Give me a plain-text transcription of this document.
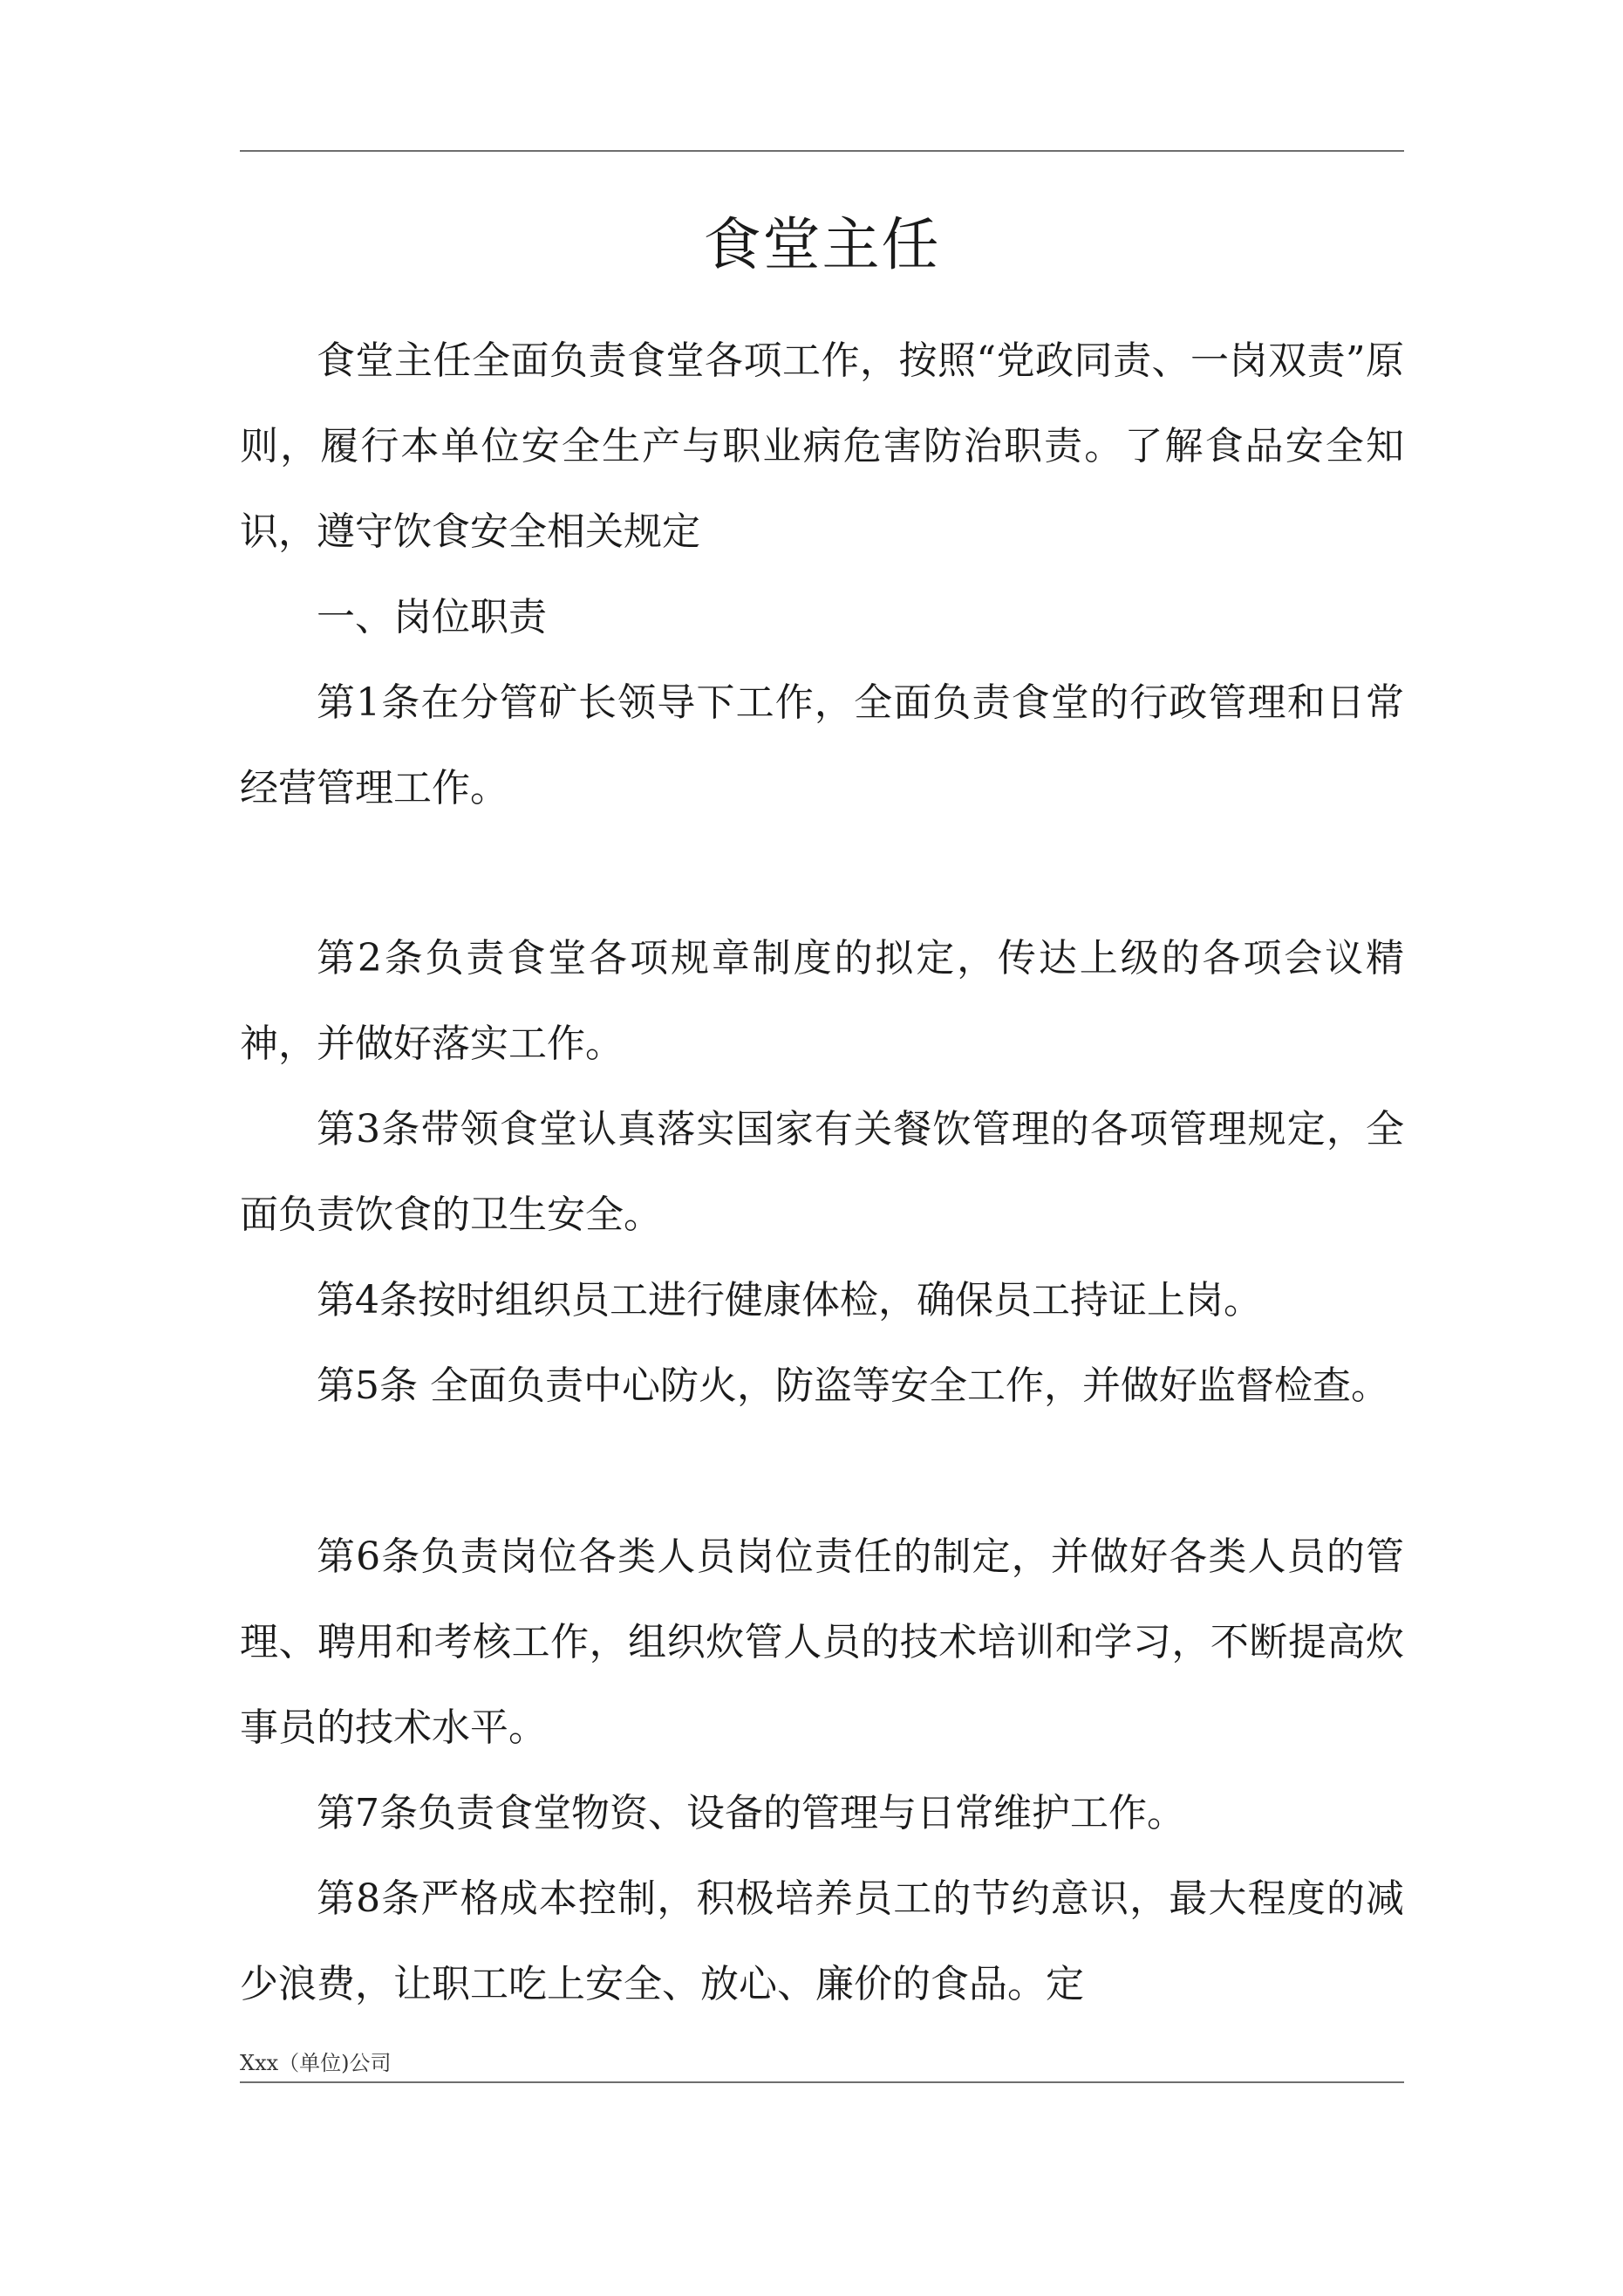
食堂主任

食堂主任全面负责食堂各项工作，按照“党政同责、一岗双责”原则，履行本单位安全生产与职业病危害防治职责。了解食品安全知识，遵守饮食安全相关规定

一、岗位职责

第1条在分管矿长领导下工作，全面负责食堂的行政管理和日常经营管理工作。

第2条负责食堂各项规章制度的拟定，传达上级的各项会议精神，并做好落实工作。

第3条带领食堂认真落实国家有关餐饮管理的各项管理规定，全面负责饮食的卫生安全。

第4条按时组织员工进行健康体检，确保员工持证上岗。

第5条 全面负责中心防火，防盗等安全工作，并做好监督检查。

第6条负责岗位各类人员岗位责任的制定，并做好各类人员的管理、聘用和考核工作，组织炊管人员的技术培训和学习，不断提高炊事员的技术水平。

第7条负责食堂物资、设备的管理与日常维护工作。

第8条严格成本控制，积极培养员工的节约意识，最大程度的减少浪费，让职工吃上安全、放心、廉价的食品。定

Xxx（单位)公司
